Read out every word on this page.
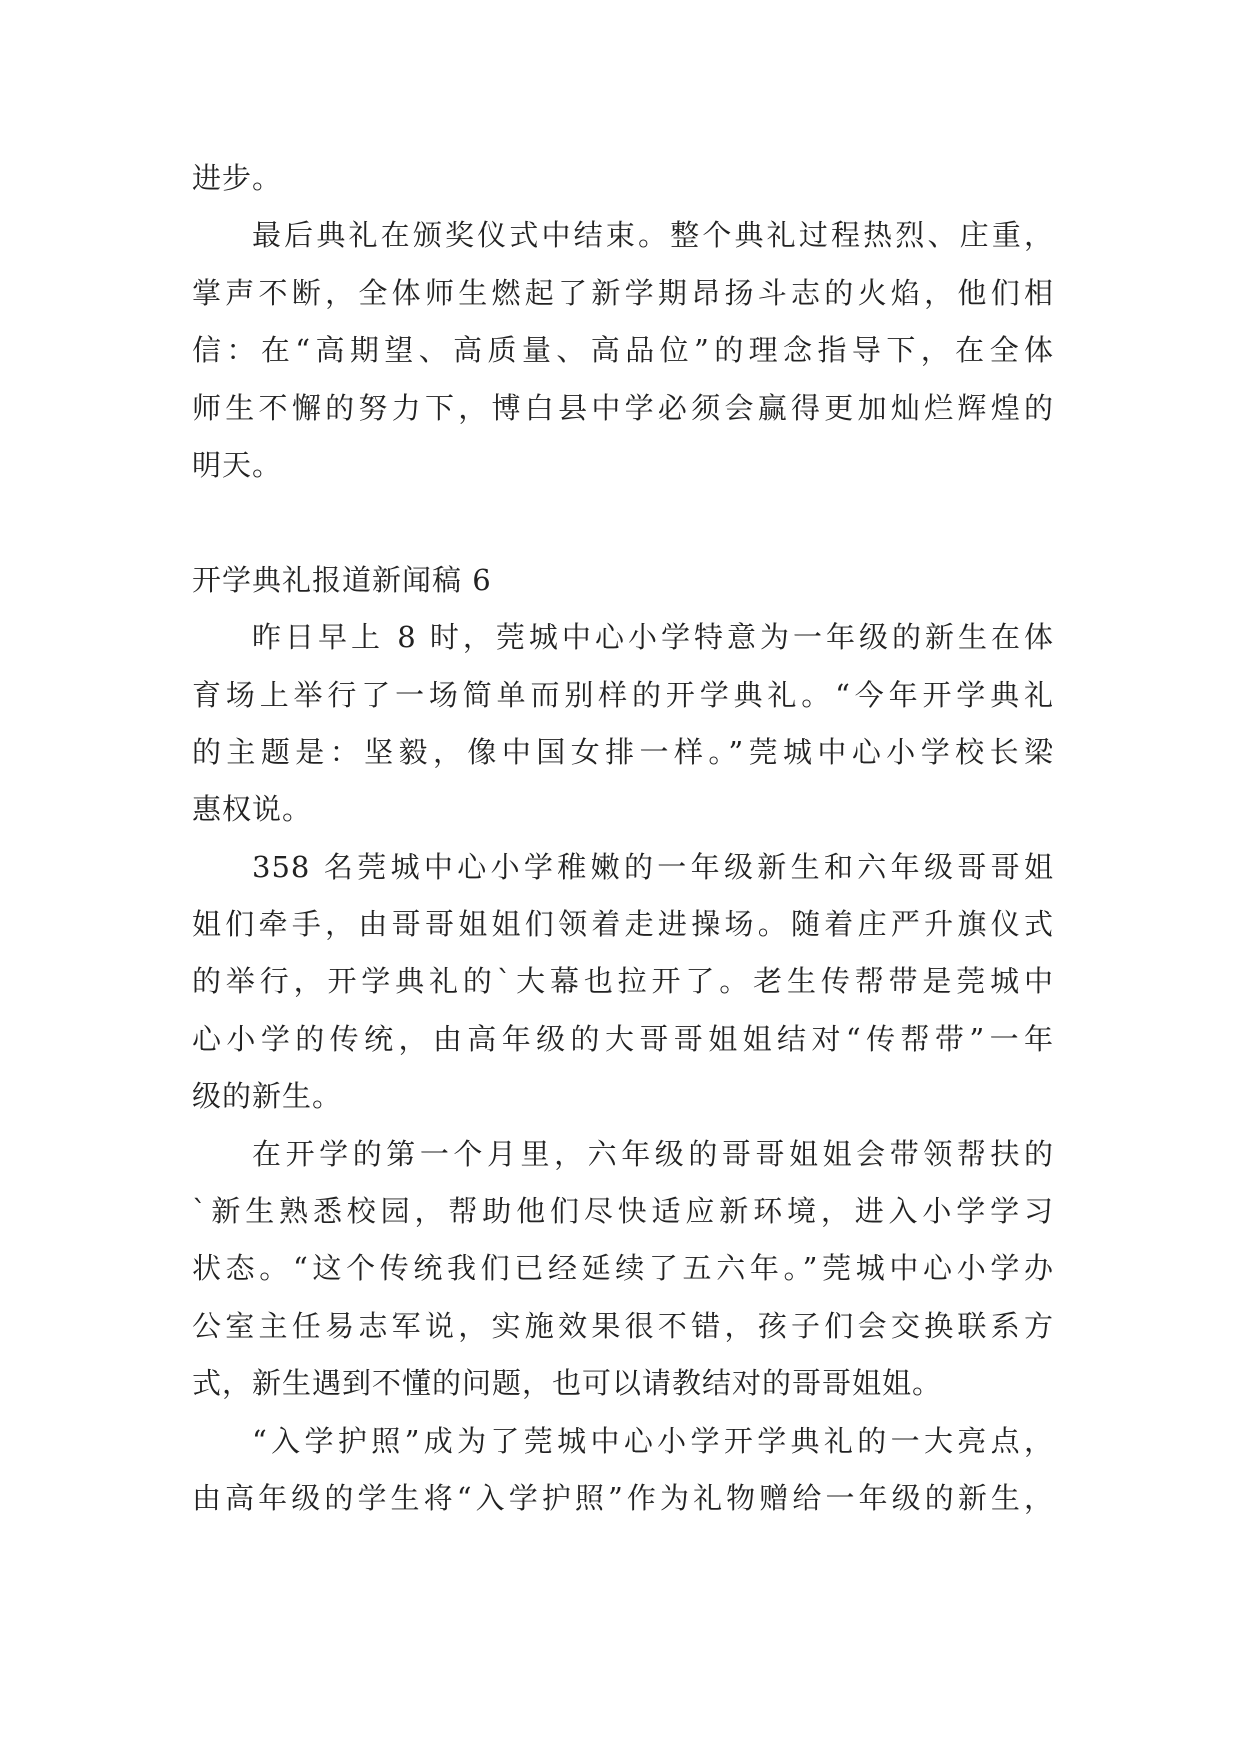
进步。
最后典礼在颁奖仪式中结束。整个典礼过程热烈、庄重，
掌声不断，全体师生燃起了新学期昂扬斗志的火焰，他们相
信：在“高期望、高质量、高品位”的理念指导下，在全体
师生不懈的努力下，博白县中学必须会赢得更加灿烂辉煌的
明天。
开学典礼报道新闻稿 6
昨日早上 8 时，莞城中心小学特意为一年级的新生在体
育场上举行了一场简单而别样的开学典礼。“今年开学典礼
的主题是：坚毅，像中国女排一样。”莞城中心小学校长梁
惠权说。
358 名莞城中心小学稚嫩的一年级新生和六年级哥哥姐
姐们牵手，由哥哥姐姐们领着走进操场。随着庄严升旗仪式
的举行，开学典礼的`大幕也拉开了。老生传帮带是莞城中
心小学的传统，由高年级的大哥哥姐姐结对“传帮带”一年
级的新生。
在开学的第一个月里，六年级的哥哥姐姐会带领帮扶的
`新生熟悉校园，帮助他们尽快适应新环境，进入小学学习
状态。“这个传统我们已经延续了五六年。”莞城中心小学办
公室主任易志军说，实施效果很不错，孩子们会交换联系方
式，新生遇到不懂的问题，也可以请教结对的哥哥姐姐。
“入学护照”成为了莞城中心小学开学典礼的一大亮点，
由高年级的学生将“入学护照”作为礼物赠给一年级的新生，
